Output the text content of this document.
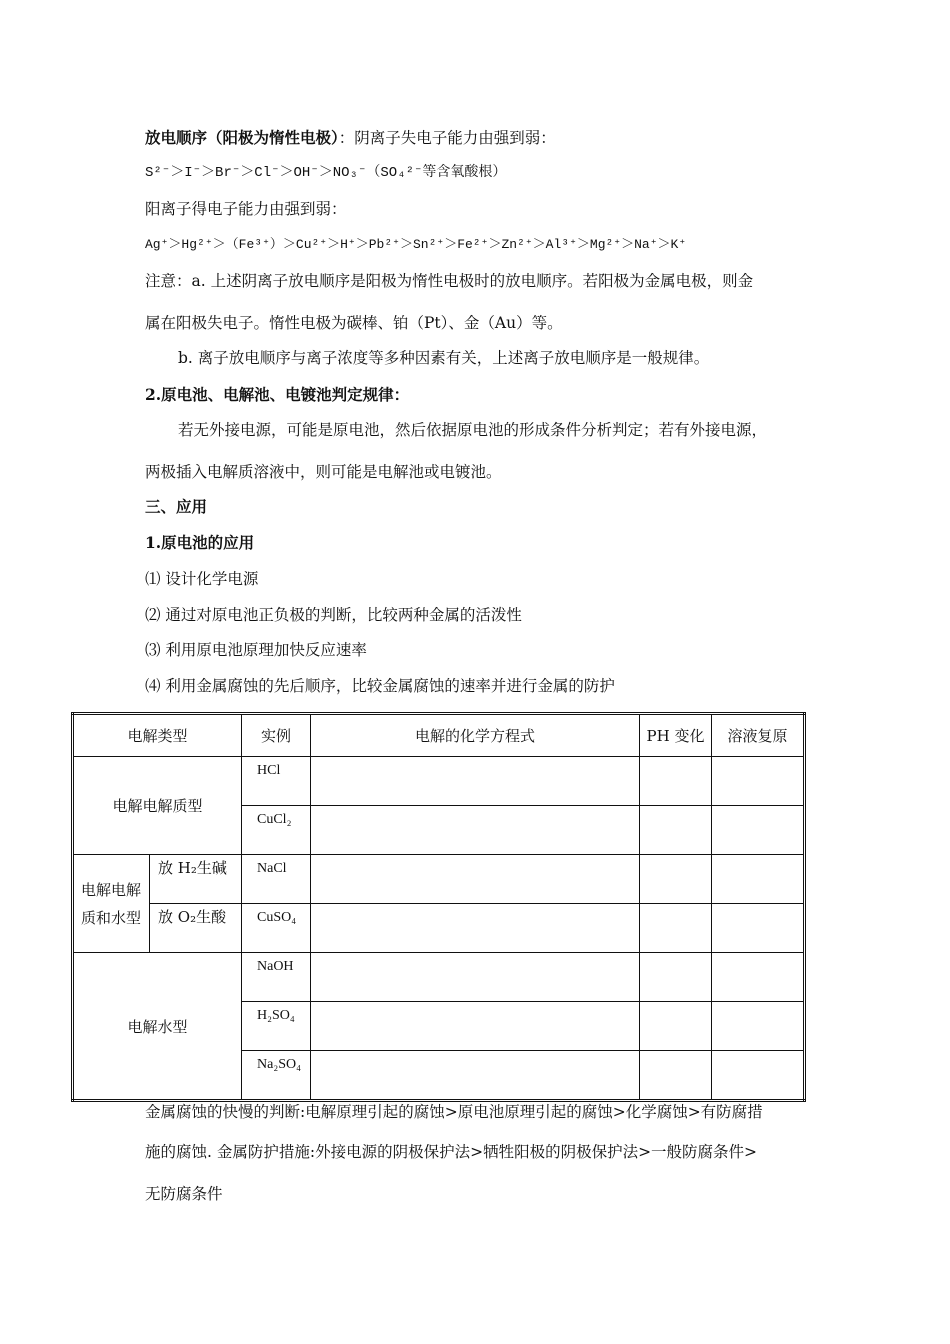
放电顺序（阳极为惰性电极）：阴离子失电子能力由强到弱：
S²⁻＞I⁻＞Br⁻＞Cl⁻＞OH⁻＞NO₃⁻（SO₄²⁻等含氧酸根）
阳离子得电子能力由强到弱：
Ag⁺＞Hg²⁺＞（Fe³⁺）＞Cu²⁺＞H⁺＞Pb²⁺＞Sn²⁺＞Fe²⁺＞Zn²⁺＞Al³⁺＞Mg²⁺＞Na⁺＞K⁺
注意：a. 上述阴离子放电顺序是阳极为惰性电极时的放电顺序。若阳极为金属电极，则金
属在阳极失电子。惰性电极为碳棒、铂（Pt）、金（Au）等。
b. 离子放电顺序与离子浓度等多种因素有关，上述离子放电顺序是一般规律。
2.原电池、电解池、电镀池判定规律：
若无外接电源，可能是原电池，然后依据原电池的形成条件分析判定；若有外接电源，
两极插入电解质溶液中，则可能是电解池或电镀池。
三、应用
1.原电池的应用
⑴ 设计化学电源
⑵ 通过对原电池正负极的判断，比较两种金属的活泼性
⑶ 利用原电池原理加快反应速率
⑷ 利用金属腐蚀的先后顺序，比较金属腐蚀的速率并进行金属的防护
电解类型		实例	电解的化学方程式	PH 变化	溶液复原
电解电解质型		HCl			
		CuCl₂			

电解电解质和水型	放 H₂生碱	NaCl			
	放 O₂生酸	CuSO₄			
电解水型		NaOH			
		H₂SO₄			
		Na₂SO₄			
金属腐蚀的快慢的判断:电解原理引起的腐蚀>原电池原理引起的腐蚀>化学腐蚀>有防腐措
施的腐蚀. 金属防护措施:外接电源的阴极保护法>牺牲阳极的阴极保护法>一般防腐条件>
无防腐条件
